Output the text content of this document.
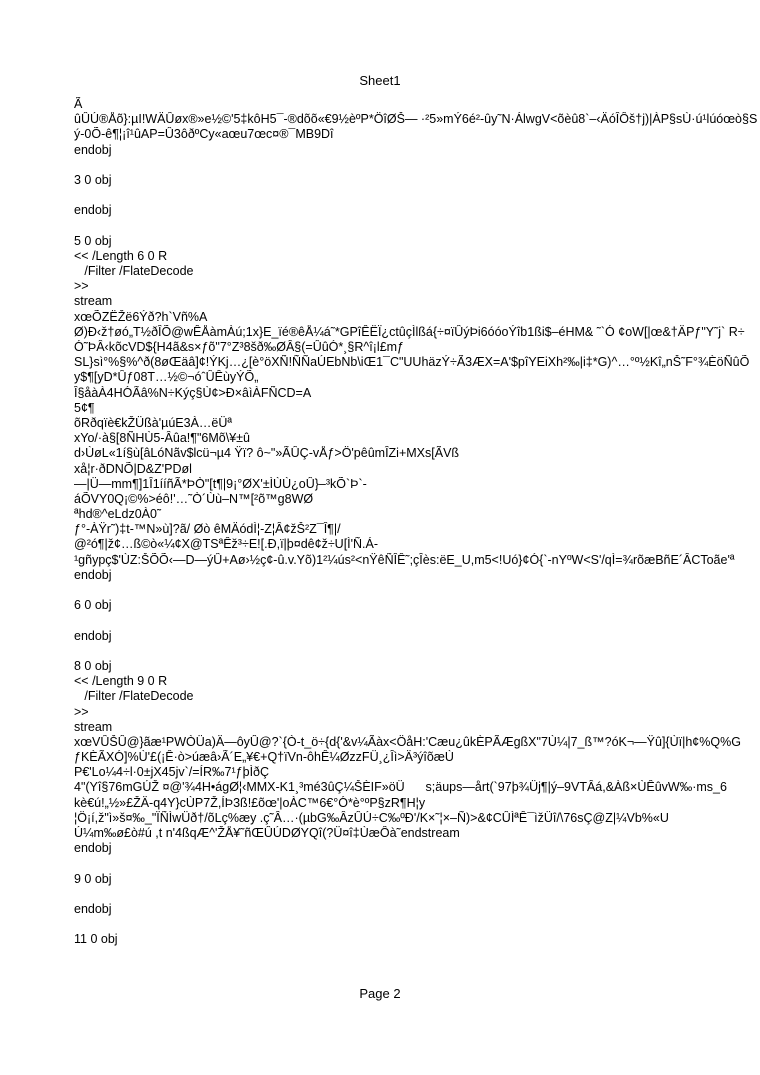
Sheet1
Ã
ûÛÚ®Åõ}:µI!WÄÛøx®»e½©'5‡kôH5¯-®dõõ«€9½èºP*ÖîØŠ— ·²5»mÝ6é²-ûy˜N·ÁlwgV<õèû8`–‹ÄóÎÔš†j)|ÀP§sÙ·ú¹lúóœò§S
ý-0Õ-ê¶¦¡î¹ûAP=Û3ôðºCy«aœu7œc¤®¯MB9Dî
endobj
3 0 obj
endobj
5 0 obj
<< /Length 6 0 R
/Filter /FlateDecode
>>
stream
xœÕZËŽë6Ýð?h`Vñ%A
Ø)Ð‹ž†øó„T½ðÎÕ@wÊÅàmÀú;1x}E_ïé®êÅ¼á˜*GPîÊËÏ¿ctûçÌlßá{÷¤ïÛýÞi6óóoÝîb1ßi$–éHM& ˜`Ó ¢oW[|œ&†ÄPƒ"Y˜j` R÷
Ó˜ÞÂ‹kõcVD${H4ã&s×ƒõ"7°Z³8šð‰ØÂ§(=ÛûÓ*¸§R^î¡l£mƒ
SL}sì°%§%^ð(8øŒäâ]¢!ÝKj…¿[è°öXÑ!ÑÑaÚEbNb\iŒ1¯C"UUhäzÝ÷Ã3ÆX=A'$pîYEiXh²‰|i‡*G)^…°º½Kî„nŠ˜F°¾ÈöÑûÕ
y$¶[yD*Ûƒ08T…½©¬óˆÛÊùyÝÕ„
Î§åàÀ4HÓÃâ%N÷Kýç§Ù¢>Ð×âìÀFÑCD=A
5¢¶
õRðqïè€kŽÜßà'µúE3À…ëÜª
xYo/·à§[8ÑHÙ5-Âûa!¶"6Mõ\¥±û
d›ÙøL«1í§ù[âLóNãv$lcü¬µ4 Ÿï? ô~"»ÃÛÇ-vÅƒ>Ö'pêûmÎZi+MXs[ÃVß
xå¦r·ðDNÕ|D&Z'PDøl
—|Ü—mm¶]1Î1ííñÃ*ÞÒ"[t¶|9¡°ØX'±ÌÙÙ¿oÛ}–³kÕ`Þ`-
áÕVY0Q¡©%>éô!'…˜Ò´Ùù–N™[²õ™g8WØ
ªhd®^eLdz0À0˜
ƒ°-ÀŸr˜)‡t-™N»ù]?ã/ Øò êMÄódÌ¦-Z¦Â¢žŠ²Z¯Î¶|/
@²ó¶|ž¢…ß©ò«¼¢X@TSªÊž³÷E![.Ð,ï|þ¤dê¢ž÷U[Ì'Ñ.Á-
¹gñypç$'ÙZ:ŠÕÕ‹—D—ýÛ+Aø›½ç¢-û.v.Yõ)1²¼ús²<nŸêÑÎÊ˜;çÎès:ëE_U,m5<!Uó}¢Ó{`-nYºW<S'/qÌ=¾rõæBñE´ÂCToãe'ª
endobj
6 0 obj
endobj
8 0 obj
<< /Length 9 0 R
/Filter /FlateDecode
>>
stream
xœVÛŠÛ@}ãæ¹PWÒÜa)Ä—ôyÛ@?`{Ò-t_ö÷{d{'&v¼Ãàx<ÖåH:'Cæu¿ûkÈPÃÆgßX"7Ù¼|7_ß™?óK¬—Ÿû]{Ùï|h¢%Q%G
ƒKÈÃXÓ]%Ù'£(¡Ê·ò>úæâ›Ã´E„¥€+Q†ïVn-ôhÊ¼ØzzFÜ¸¿Îì>Ä³ýîõæÙ
P€'Lo¼4÷l·0±jX45jv`/=ÍR‰7¹ƒþÌðÇ
4"(Yî§76mGÚŽ ¤@'¾4H•ágØ¦‹MMX-K1¸³mé3ûÇ¼ŠÈIF»öÜ      s;äups—årt(`97þ¾Üj¶|ý–9VTÂá,&Àß×ÙÊûvW‰·ms_6
kè€ú!„½»£ŽÄ-q4Y}cÙP7Ž,ÍÞ3ß!£õœ'|oÀC™6€°Ó*è°ºP§zR¶H¦y
¦Ö¡í,ž"ì»š¤‰_"ÏÑÌwÜð†/õLç%æy .ç˜Â…·(µbG‰ÂzÛÚ÷C‰ºÐ'/K×˜¦×–Ñ)>&¢CÛÌªÊ¯ìžÜî/\76sÇ@Z|¼Vb%«U
Ú¼m‰ø£ò#ú ,t n'4ßqÆ^'ŽÅ¥˜ñŒÛÚDØYQî(?Ü¤î‡ÙæÔà˜endstream
endobj
9 0 obj
endobj
11 0 obj
Page 2
